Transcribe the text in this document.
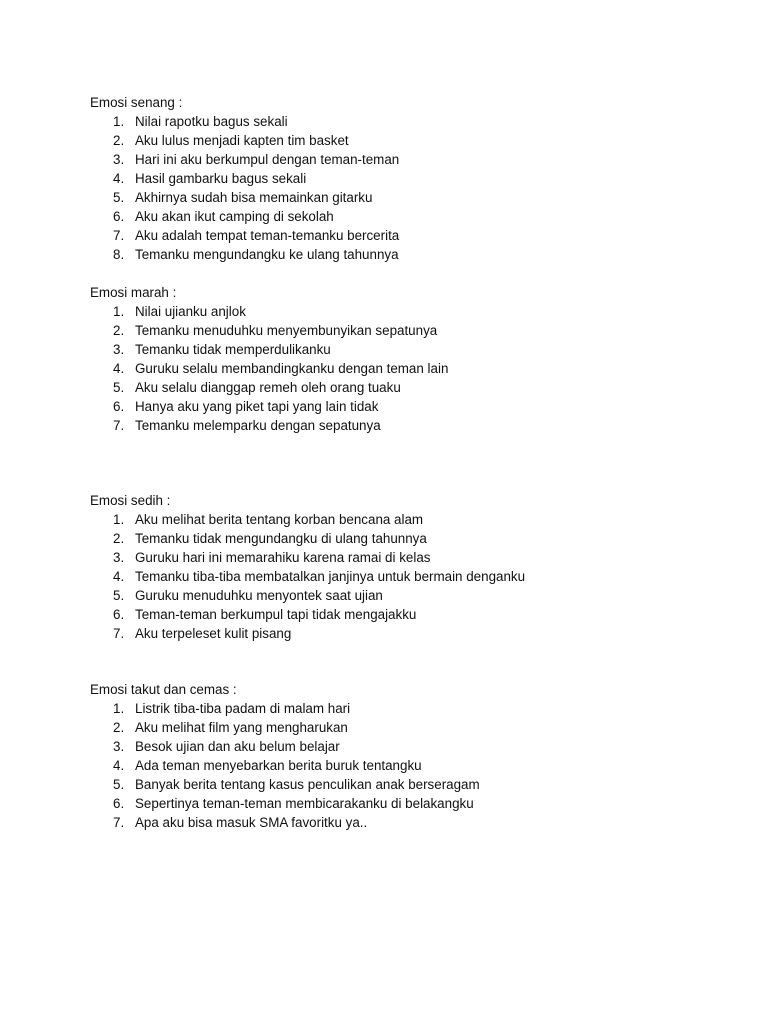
Emosi senang :
1. Nilai rapotku bagus sekali
2. Aku lulus menjadi kapten tim basket
3. Hari ini aku berkumpul dengan teman-teman
4. Hasil gambarku bagus sekali
5. Akhirnya sudah bisa memainkan gitarku
6. Aku akan ikut camping di sekolah
7. Aku adalah tempat teman-temanku bercerita
8. Temanku mengundangku ke ulang tahunnya
Emosi marah :
1. Nilai ujianku anjlok
2. Temanku menuduhku menyembunyikan sepatunya
3. Temanku tidak memperdulikanku
4. Guruku selalu membandingkanku dengan teman lain
5. Aku selalu dianggap remeh oleh orang tuaku
6. Hanya aku yang piket tapi yang lain tidak
7. Temanku melemparku dengan sepatunya
Emosi sedih :
1. Aku melihat berita tentang korban bencana alam
2. Temanku tidak mengundangku di ulang tahunnya
3. Guruku hari ini memarahiku karena ramai di kelas
4. Temanku tiba-tiba membatalkan janjinya untuk bermain denganku
5. Guruku menuduhku menyontek saat ujian
6. Teman-teman berkumpul tapi tidak mengajakku
7. Aku terpeleset kulit pisang
Emosi takut dan cemas :
1. Listrik tiba-tiba padam di malam hari
2. Aku melihat film yang mengharukan
3. Besok ujian dan aku belum belajar
4. Ada teman menyebarkan berita buruk tentangku
5. Banyak berita tentang kasus penculikan anak berseragam
6. Sepertinya teman-teman membicarakanku di belakangku
7. Apa aku bisa masuk SMA favoritku ya..
